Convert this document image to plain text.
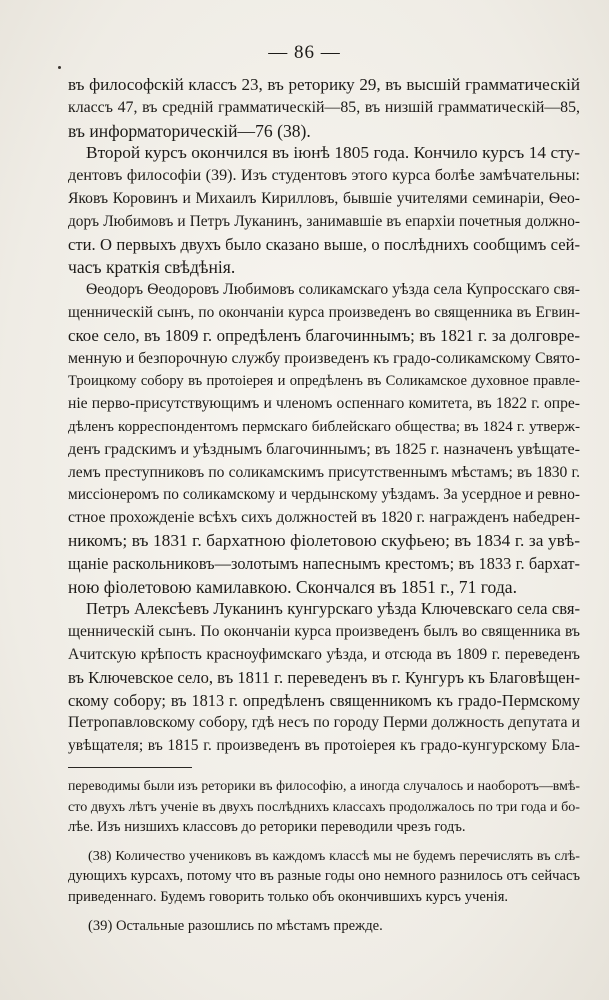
— 86 —
въ философскій классъ 23, въ реторику 29, въ высшій грамматическій
классъ 47, въ средній грамматическій—85, въ низшій грамматическій—85,
въ информаторическій—76 (38).
Второй курсъ окончился въ іюнѣ 1805 года. Кончило курсъ 14 сту-
дентовъ философіи (39). Изъ студентовъ этого курса болѣе замѣчательны:
Яковъ Коровинъ и Михаилъ Кирилловъ, бывшіе учителями семинаріи, Ѳео-
доръ Любимовъ и Петръ Луканинъ, занимавшіе въ епархіи почетныя должно-
сти. О первыхъ двухъ было сказано выше, о послѣднихъ сообщимъ сей-
часъ краткія свѣдѣнія.
Ѳеодоръ Ѳеодоровъ Любимовъ соликамскаго уѣзда села Купросскаго свя-
щенническій сынъ, по окончаніи курса произведенъ во священника въ Егвин-
ское село, въ 1809 г. опредѣленъ благочиннымъ; въ 1821 г. за долговре-
менную и безпорочную службу произведенъ къ градо-соликамскому Свято-
Троицкому собору въ протоіерея и опредѣленъ въ Соликамское духовное правле-
ніе перво-присутствующимъ и членомъ оспеннаго комитета, въ 1822 г. опре-
дѣленъ корреспондентомъ пермскаго библейскаго общества; въ 1824 г. утверж-
денъ градскимъ и уѣзднымъ благочиннымъ; въ 1825 г. назначенъ увѣщате-
лемъ преступниковъ по соликамскимъ присутственнымъ мѣстамъ; въ 1830 г.
миссіонеромъ по соликамскому и чердынскому уѣздамъ. За усердное и ревно-
стное прохожденіе всѣхъ сихъ должностей въ 1820 г. награжденъ набедрен-
никомъ; въ 1831 г. бархатною фіолетовою скуфьею; въ 1834 г. за увѣ-
щаніе раскольниковъ—золотымъ напеснымъ крестомъ; въ 1833 г. бархат-
ною фіолетовою камилавкою. Скончался въ 1851 г., 71 года.
Петръ Алексѣевъ Луканинъ кунгурскаго уѣзда Ключевскаго села свя-
щенническій сынъ. По окончаніи курса произведенъ былъ во священника въ
Ачитскую крѣпость красноуфимскаго уѣзда, и отсюда въ 1809 г. переведенъ
въ Ключевское село, въ 1811 г. переведенъ въ г. Кунгуръ къ Благовѣщен-
скому собору; въ 1813 г. опредѣленъ священникомъ къ градо-Пермскому
Петропавловскому собору, гдѣ несъ по городу Перми должность депутата и
увѣщателя; въ 1815 г. произведенъ въ протоіерея къ градо-кунгурскому Бла-
переводимы были изъ реторики въ философію, а иногда случалось и наоборотъ—вмѣ-
сто двухъ лѣтъ ученіе въ двухъ послѣднихъ классахъ продолжалось по три года и бо-
лѣе. Изъ низшихъ классовъ до реторики переводили чрезъ годъ.
(38) Количество учениковъ въ каждомъ классѣ мы не будемъ перечислять въ слѣ-
дующихъ курсахъ, потому что въ разные годы оно немного разнилось отъ сейчасъ
приведеннаго. Будемъ говорить только объ окончившихъ курсъ ученія.
(39) Остальные разошлись по мѣстамъ прежде.
